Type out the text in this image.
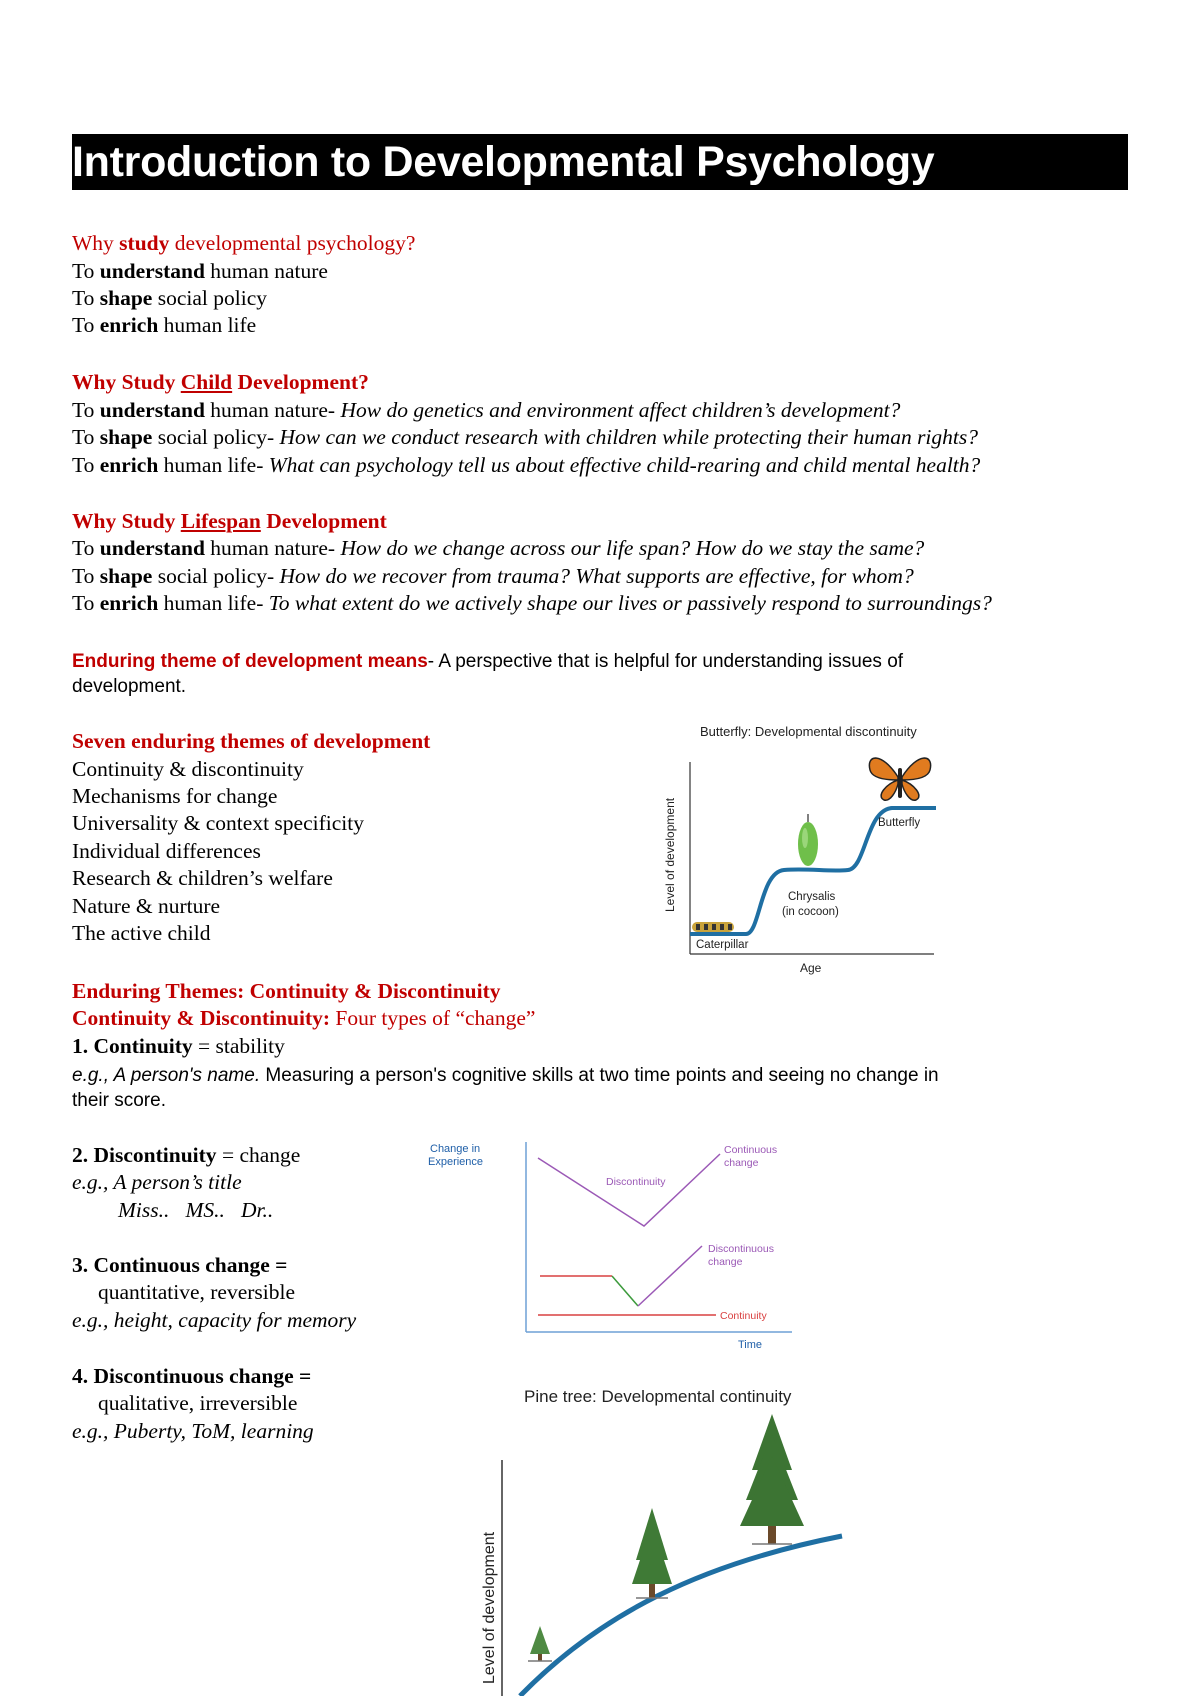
Introduction to Developmental Psychology
Why study developmental psychology?
To understand human nature
To shape social policy
To enrich human life
Why Study Child Development?
To understand human nature- How do genetics and environment affect children’s development?
To shape social policy- How can we conduct research with children while protecting their human rights?
To enrich human life- What can psychology tell us about effective child-rearing and child mental health?
Why Study Lifespan Development
To understand human nature- How do we change across our life span? How do we stay the same?
To shape social policy- How do we recover from trauma? What supports are effective, for whom?
To enrich human life- To what extent do we actively shape our lives or passively respond to surroundings?
Enduring theme of development means- A perspective that is helpful for understanding issues of
development.
Seven enduring themes of development
Continuity & discontinuity
Mechanisms for change
Universality & context specificity
Individual differences
Research & children’s welfare
Nature & nurture
The active child
Butterfly: Developmental discontinuity
Level of development
Age
Caterpillar
Chrysalis
(in cocoon)
Butterfly
Enduring Themes: Continuity & Discontinuity
Continuity & Discontinuity: Four types of “change”
1. Continuity = stability
e.g., A person's name. Measuring a person's cognitive skills at two time points and seeing no change in
their score.
2. Discontinuity = change
e.g., A person’s title
Miss..   MS..   Dr..
3. Continuous change =
quantitative, reversible
e.g., height, capacity for memory
4. Discontinuous change =
qualitative, irreversible
e.g., Puberty, ToM, learning
Change in
Experience
Time
Discontinuity
Continuous
change
Discontinuous
change
Continuity
Pine tree: Developmental continuity
Level of development
